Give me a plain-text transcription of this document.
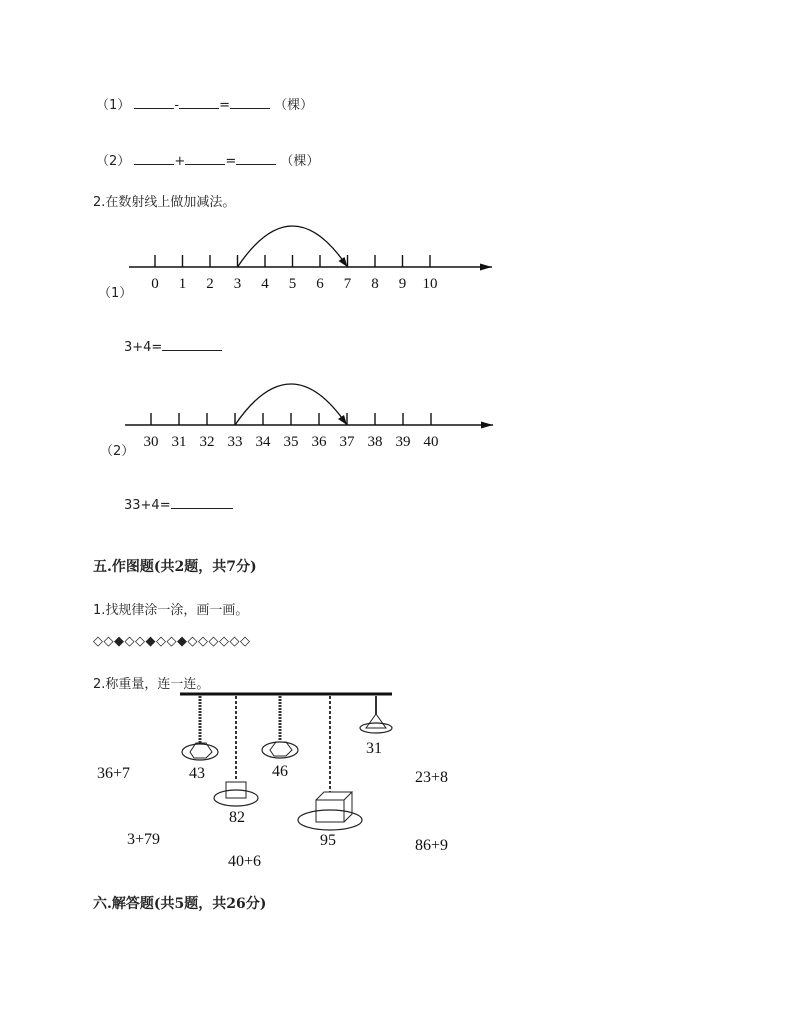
（1）	-	=	（棵）
（2）	+	=	（棵）
2.在数射线上做加减法。
0 1 2 3 4 5 6 7 8 9 10
（1）
3+4=
30 31 32 33 34 35 36 37 38 39 40
（2）
33+4=
五.作图题(共2题，共7分)
1.找规律涂一涂，画一画。
◇◇◆◇◇◆◇◇◆◇◇◇◇◇◇
2.称重量，连一连。
43	46
31
82
95
36+7	23+8
3+79	86+9
40+6
六.解答题(共5题，共26分)
